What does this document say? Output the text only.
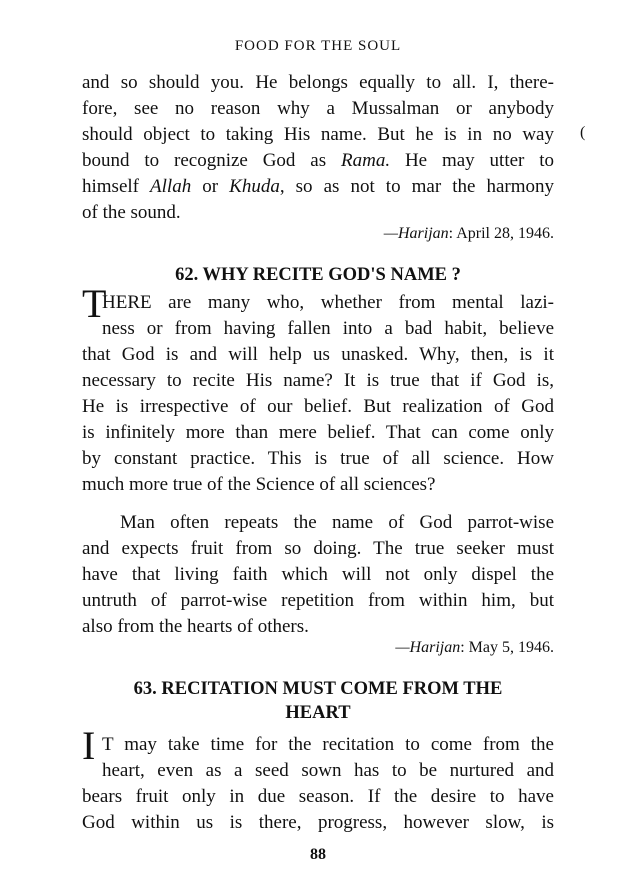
FOOD FOR THE SOUL
and so should you. He belongs equally to all. I, there-
fore, see no reason why a Mussalman or anybody
should object to taking His name. But he is in no way
bound to recognize God as Rama. He may utter to
himself Allah or Khuda, so as not to mar the harmony
of the sound.
—Harijan: April 28, 1946.
62. WHY RECITE GOD'S NAME ?
T
HERE are many who, whether from mental lazi-
ness or from having fallen into a bad habit, believe
that God is and will help us unasked. Why, then, is it
necessary to recite His name? It is true that if God is,
He is irrespective of our belief. But realization of God
is infinitely more than mere belief. That can come only
by constant practice. This is true of all science. How
much more true of the Science of all sciences?
Man often repeats the name of God parrot-wise
and expects fruit from so doing. The true seeker must
have that living faith which will not only dispel the
untruth of parrot-wise repetition from within him, but
also from the hearts of others.
—Harijan: May 5, 1946.
63. RECITATION MUST COME FROM THE
HEART
I T may take time for the recitation to come from the
heart, even as a seed sown has to be nurtured and
bears fruit only in due season. If the desire to have
God within us is there, progress, however slow, is
88
(
